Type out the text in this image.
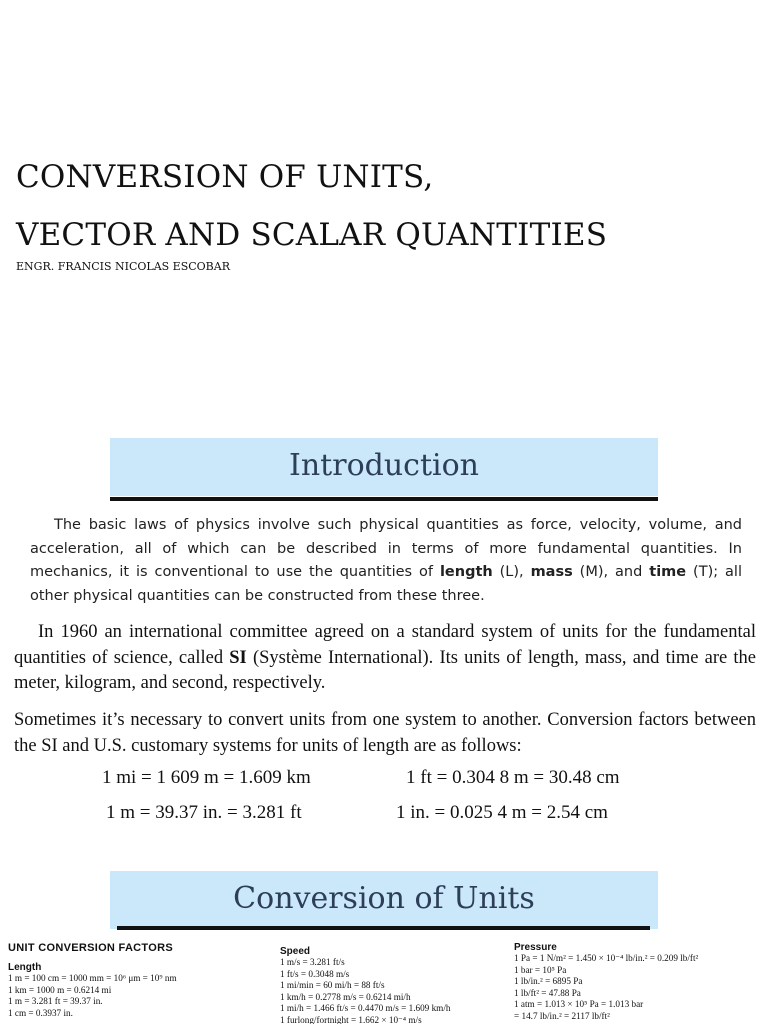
CONVERSION OF UNITS,
VECTOR AND SCALAR QUANTITIES
ENGR. FRANCIS NICOLAS ESCOBAR
Introduction
The basic laws of physics involve such physical quantities as force, velocity, volume, and acceleration, all of which can be described in terms of more fundamental quantities. In mechanics, it is conventional to use the quantities of length (L), mass (M), and time (T); all other physical quantities can be constructed from these three.
In 1960 an international committee agreed on a standard system of units for the fundamental quantities of science, called SI (Système International). Its units of length, mass, and time are the meter, kilogram, and second, respectively.
Sometimes it’s necessary to convert units from one system to another. Conversion factors between the SI and U.S. customary systems for units of length are as follows:
1 mi = 1 609 m = 1.609 km	1 ft = 0.304 8 m = 30.48 cm
1 m = 39.37 in. = 3.281 ft	1 in. = 0.025 4 m = 2.54 cm
Conversion of Units
UNIT CONVERSION FACTORS
Length
1 m = 100 cm = 1000 mm = 10⁶ μm = 10⁹ nm
1 km = 1000 m = 0.6214 mi
1 m = 3.281 ft = 39.37 in.
1 cm = 0.3937 in.
Speed
1 m/s = 3.281 ft/s
1 ft/s = 0.3048 m/s
1 mi/min = 60 mi/h = 88 ft/s
1 km/h = 0.2778 m/s = 0.6214 mi/h
1 mi/h = 1.466 ft/s = 0.4470 m/s = 1.609 km/h
1 furlong/fortnight = 1.662 × 10⁻⁴ m/s
Pressure
1 Pa = 1 N/m² = 1.450 × 10⁻⁴ lb/in.² = 0.209 lb/ft²
1 bar = 10⁵ Pa
1 lb/in.² = 6895 Pa
1 lb/ft² = 47.88 Pa
1 atm = 1.013 × 10⁵ Pa = 1.013 bar
= 14.7 lb/in.² = 2117 lb/ft²
